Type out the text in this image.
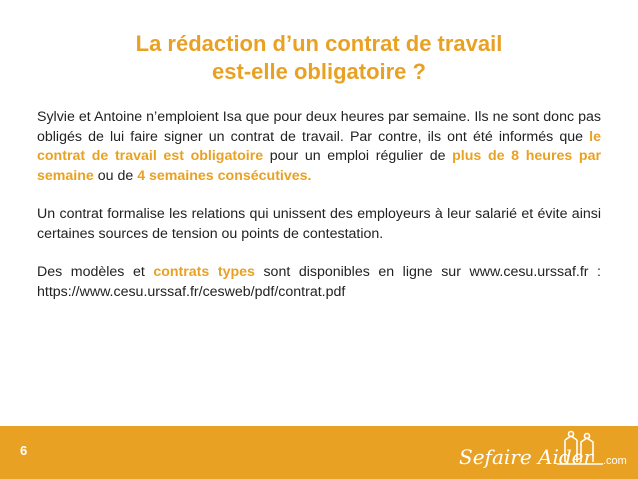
La rédaction d’un contrat de travail
est-elle obligatoire ?

Sylvie et Antoine n’emploient Isa que pour deux heures par semaine. Ils ne sont donc pas obligés de lui faire signer un contrat de travail. Par contre, ils ont été informés que le contrat de travail est obligatoire pour un emploi régulier de plus de 8 heures par semaine ou de 4 semaines consécutives.

Un contrat formalise les relations qui unissent des employeurs à leur salarié et évite ainsi certaines sources de tension ou points de contestation.

Des modèles et contrats types sont disponibles en ligne sur www.cesu.urssaf.fr : https://www.cesu.urssaf.fr/cesweb/pdf/contrat.pdf

6	Sefaire Aider .com
